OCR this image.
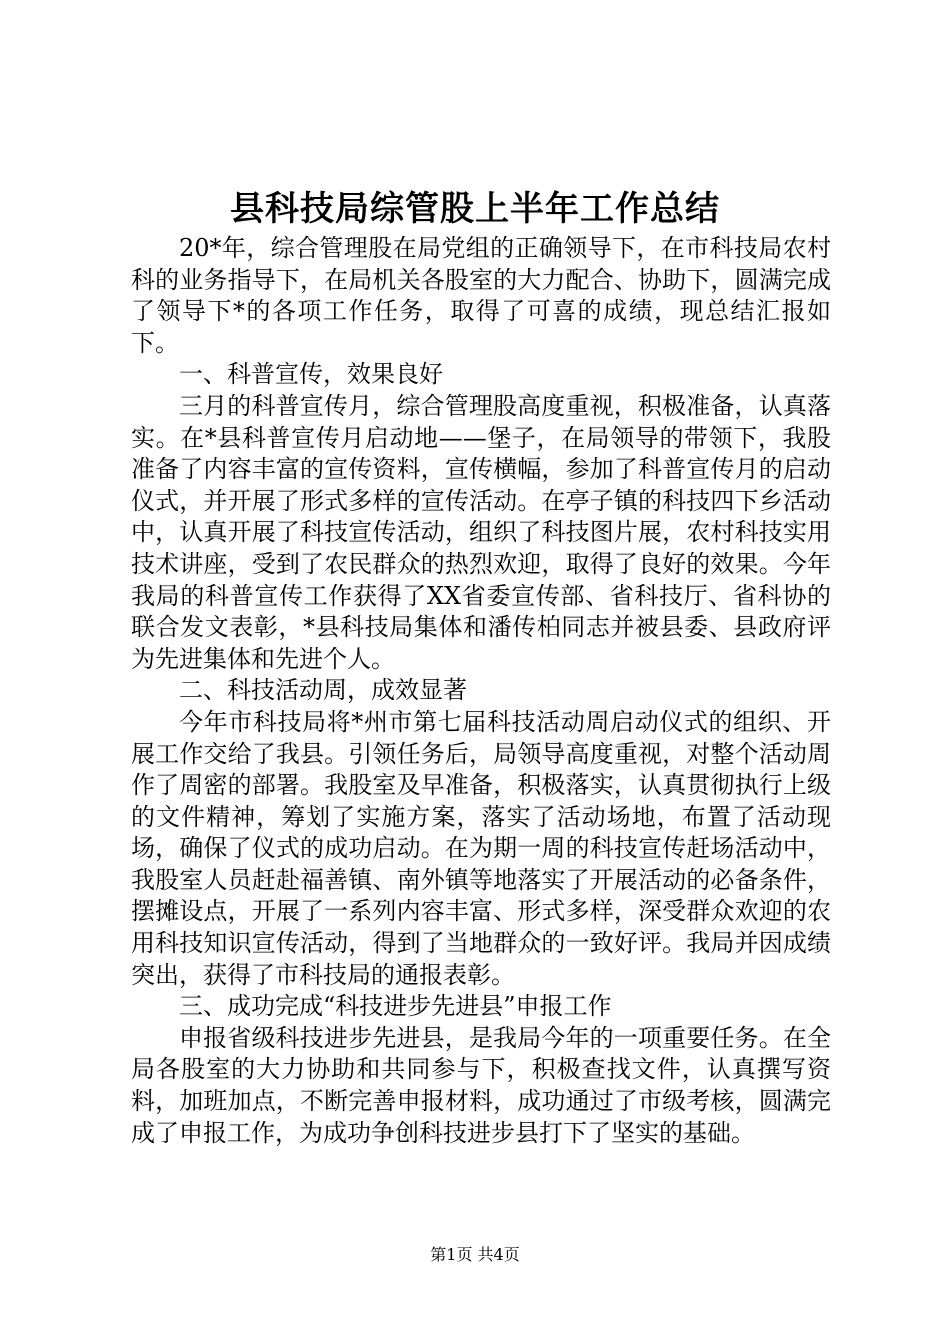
县科技局综管股上半年工作总结

20*年，综合管理股在局党组的正确领导下，在市科技局农村科的业务指导下，在局机关各股室的大力配合、协助下，圆满完成了领导下*的各项工作任务，取得了可喜的成绩，现总结汇报如下。

一、科普宣传，效果良好

三月的科普宣传月，综合管理股高度重视，积极准备，认真落实。在*县科普宣传月启动地——堡子，在局领导的带领下，我股准备了内容丰富的宣传资料，宣传横幅，参加了科普宣传月的启动仪式，并开展了形式多样的宣传活动。在亭子镇的科技四下乡活动中，认真开展了科技宣传活动，组织了科技图片展，农村科技实用技术讲座，受到了农民群众的热烈欢迎，取得了良好的效果。今年我局的科普宣传工作获得了XX省委宣传部、省科技厅、省科协的联合发文表彰，*县科技局集体和潘传柏同志并被县委、县政府评为先进集体和先进个人。

二、科技活动周，成效显著

今年市科技局将*州市第七届科技活动周启动仪式的组织、开展工作交给了我县。引领任务后，局领导高度重视，对整个活动周作了周密的部署。我股室及早准备，积极落实，认真贯彻执行上级的文件精神，筹划了实施方案，落实了活动场地，布置了活动现场，确保了仪式的成功启动。在为期一周的科技宣传赶场活动中，我股室人员赶赴福善镇、南外镇等地落实了开展活动的必备条件，摆摊设点，开展了一系列内容丰富、形式多样，深受群众欢迎的农用科技知识宣传活动，得到了当地群众的一致好评。我局并因成绩突出，获得了市科技局的通报表彰。

三、成功完成“科技进步先进县”申报工作

申报省级科技进步先进县，是我局今年的一项重要任务。在全局各股室的大力协助和共同参与下，积极查找文件，认真撰写资料，加班加点，不断完善申报材料，成功通过了市级考核，圆满完成了申报工作，为成功争创科技进步县打下了坚实的基础。

第1页 共4页
